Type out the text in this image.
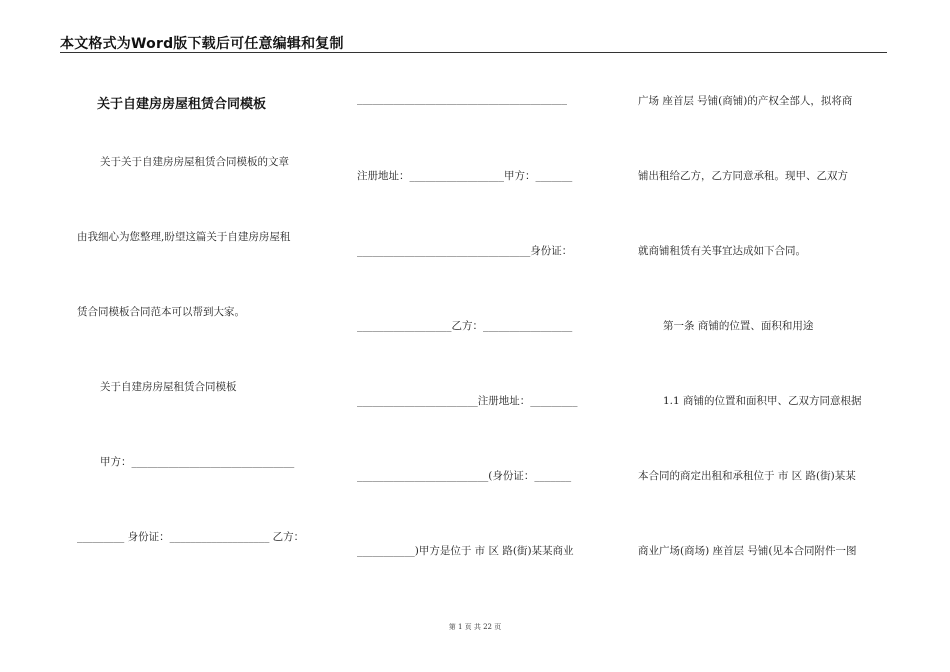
本文格式为Word版下载后可任意编辑和复制
关于自建房房屋租赁合同模板
关于关于自建房房屋租赁合同模板的文章
由我细心为您整理,盼望这篇关于自建房房屋租
赁合同模板合同范本可以帮到大家。
关于自建房房屋租赁合同模板
甲方：_______________________________
_________ 身份证：___________________ 乙方：
________________________________________
注册地址：__________________甲方：_______
_________________________________身份证：
__________________乙方：_________________
_______________________注册地址：_________
_________________________(身份证：_______
___________)甲方是位于 市 区 路(街)某某商业
广场 座首层 号铺(商铺)的产权全部人，拟将商
铺出租给乙方，乙方同意承租。现甲、乙双方
就商铺租赁有关事宜达成如下合同。
第一条 商铺的位置、面积和用途
1.1 商铺的位置和面积甲、乙双方同意根据
本合同的商定出租和承租位于 市 区 路(街)某某
商业广场(商场) 座首层 号铺(见本合同附件一图
第 1 页 共 22 页
